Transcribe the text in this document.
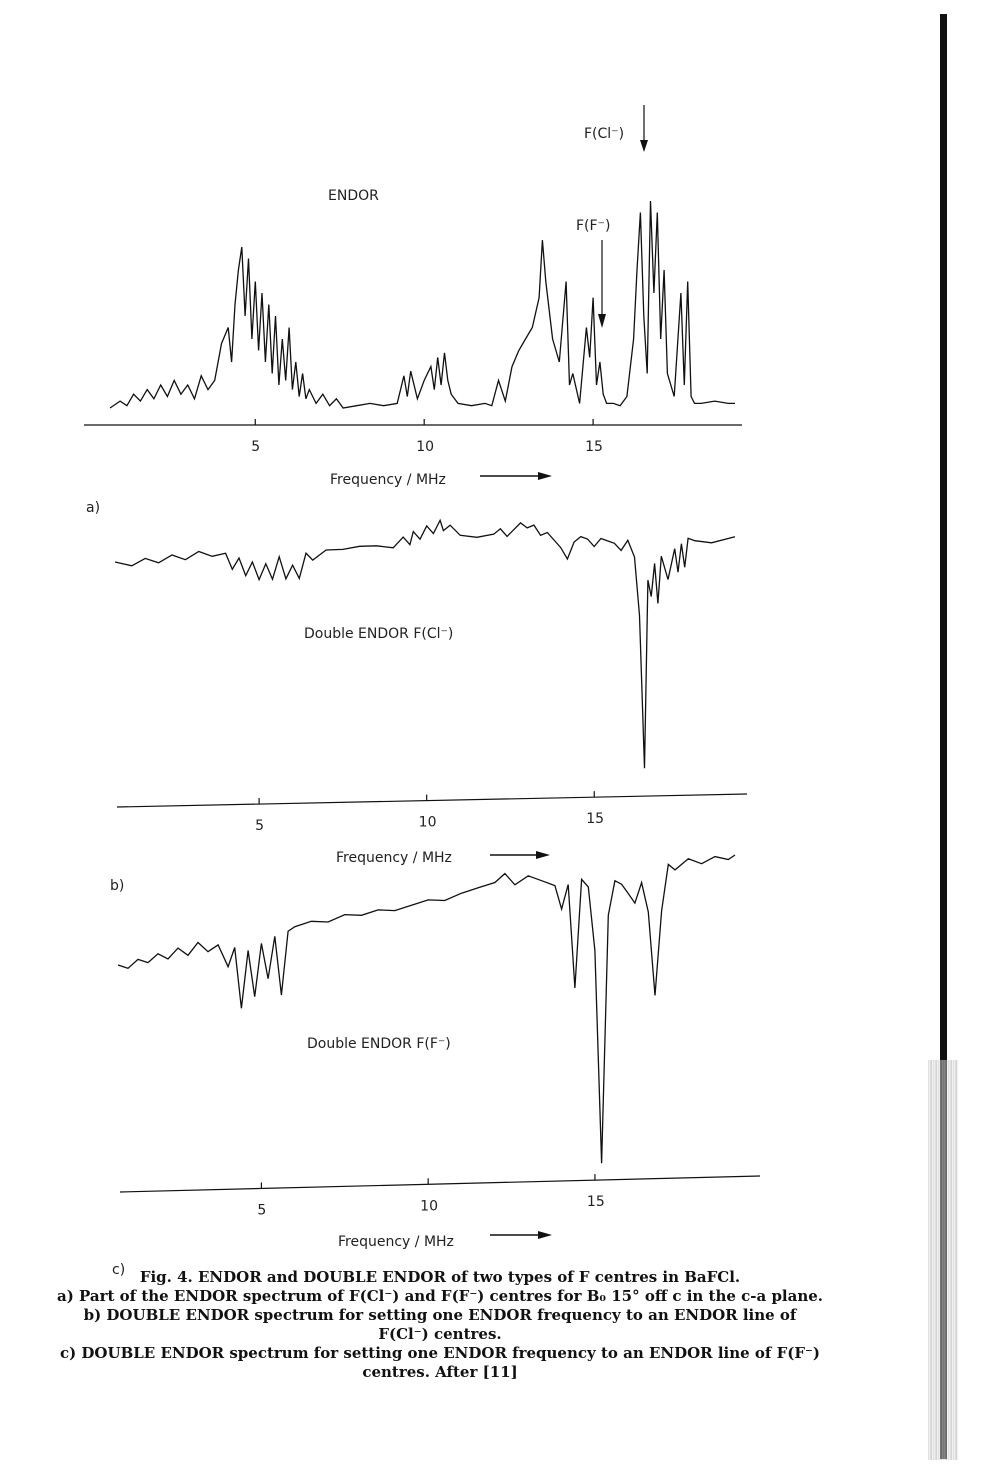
ENDOR
5	10	15
Frequency / MHz
a)
F(Cl⁻)
F(F⁻)
Double ENDOR F(Cl⁻)
5	10	15
Frequency / MHz
b)
Double ENDOR F(F⁻)
5	10	15
Frequency / MHz
c) Fig. 4. ENDOR and DOUBLE ENDOR of two types of F centres in BaFCl.
a) Part of the ENDOR spectrum of F(Cl⁻) and F(F⁻) centres for B₀ 15° off c in the c-a plane.
b) DOUBLE ENDOR spectrum for setting one ENDOR frequency to an ENDOR line of
F(Cl⁻) centres.
c) DOUBLE ENDOR spectrum for setting one ENDOR frequency to an ENDOR line of F(F⁻)
centres. After [11]
